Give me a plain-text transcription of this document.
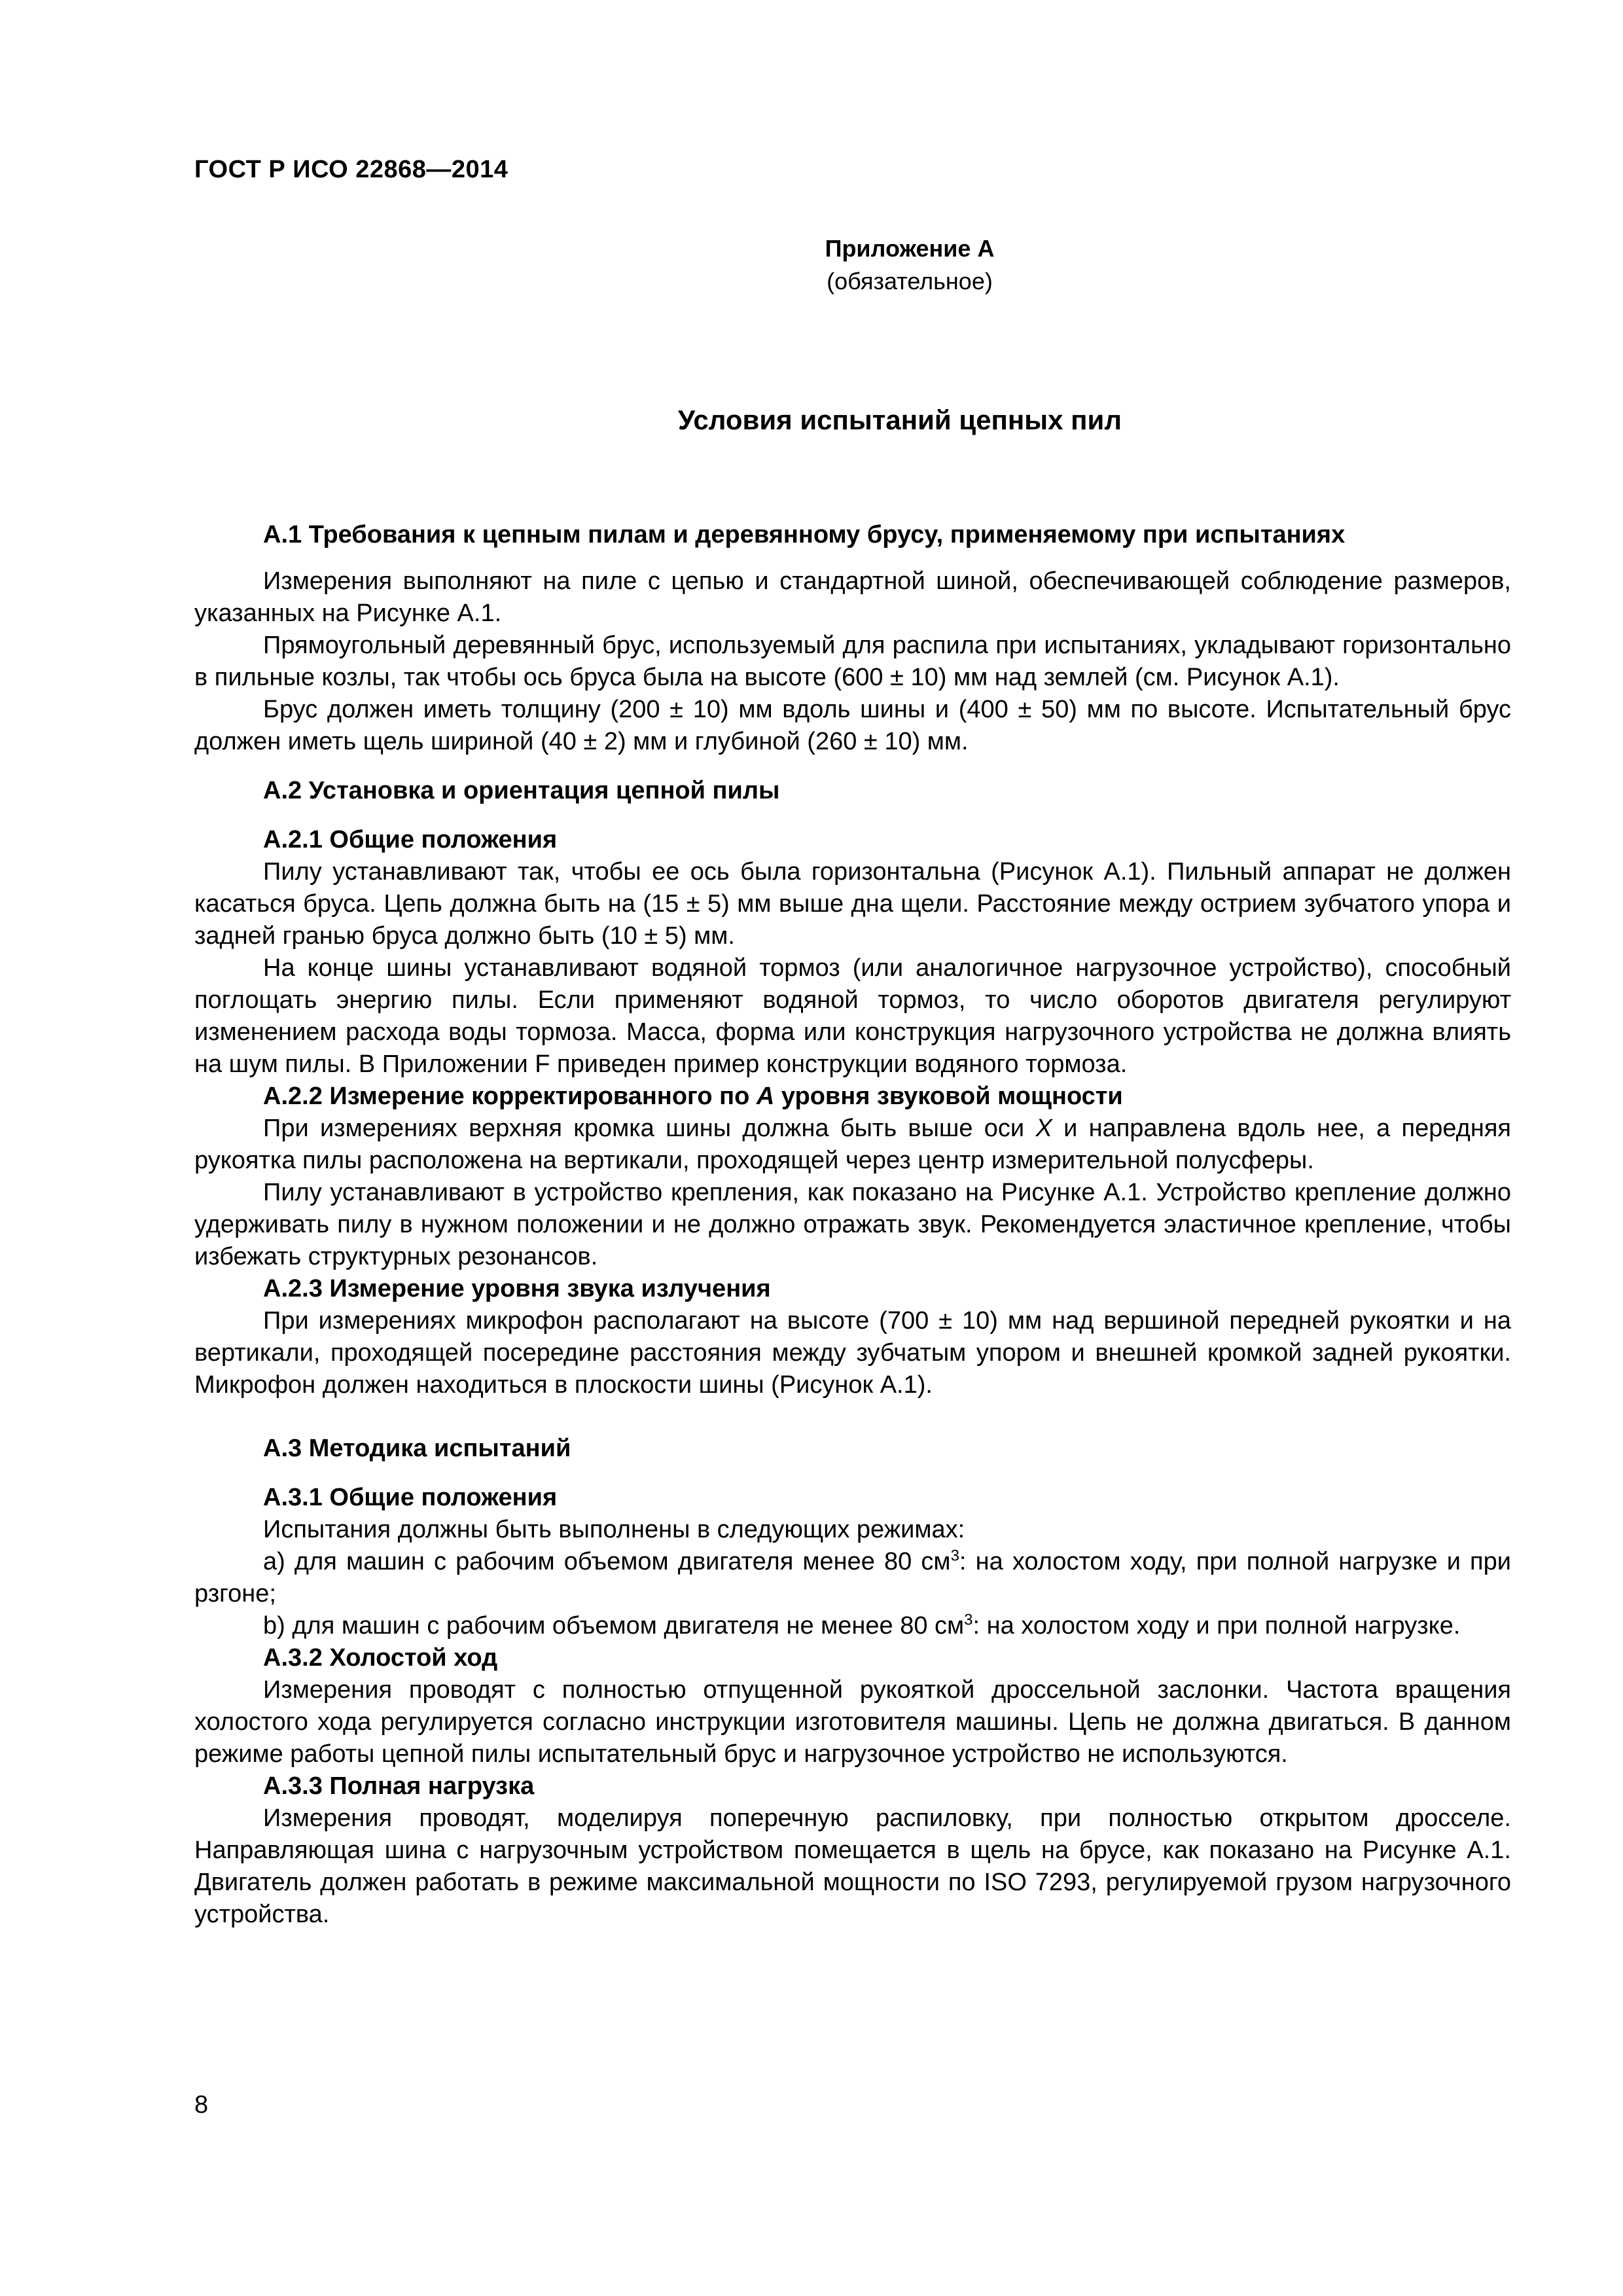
ГОСТ Р ИСО 22868—2014
Приложение А
(обязательное)
Условия испытаний цепных пил
А.1 Требования к цепным пилам и деревянному брусу, применяемому при испытаниях

Измерения выполняют на пиле с цепью и стандартной шиной, обеспечивающей соблюдение размеров, указанных на Рисунке А.1.

Прямоугольный деревянный брус, используемый для распила при испытаниях, укладывают горизонтально в пильные козлы, так чтобы ось бруса была на высоте (600 ± 10) мм над землей (см. Рисунок А.1).

Брус должен иметь толщину (200 ± 10) мм вдоль шины и (400 ± 50) мм по высоте. Испытательный брус должен иметь щель шириной (40 ± 2) мм и глубиной (260 ± 10) мм.

А.2 Установка и ориентация цепной пилы
А.2.1 Общие положения

Пилу устанавливают так, чтобы ее ось была горизонтальна (Рисунок А.1). Пильный аппарат не должен касаться бруса. Цепь должна быть на (15 ± 5) мм выше дна щели. Расстояние между острием зубчатого упора и задней гранью бруса должно быть (10 ± 5) мм.

На конце шины устанавливают водяной тормоз (или аналогичное нагрузочное устройство), способный поглощать энергию пилы. Если применяют водяной тормоз, то число оборотов двигателя регулируют изменением расхода воды тормоза. Масса, форма или конструкция нагрузочного устройства не должна влиять на шум пилы. В Приложении F приведен пример конструкции водяного тормоза.

А.2.2 Измерение корректированного по A уровня звуковой мощности

При измерениях верхняя кромка шины должна быть выше оси X и направлена вдоль нее, а передняя рукоятка пилы расположена на вертикали, проходящей через центр измерительной полусферы.

Пилу устанавливают в устройство крепления, как показано на Рисунке А.1. Устройство крепление должно удерживать пилу в нужном положении и не должно отражать звук. Рекомендуется эластичное крепление, чтобы избежать структурных резонансов.

А.2.3 Измерение уровня звука излучения

При измерениях микрофон располагают на высоте (700 ± 10) мм над вершиной передней рукоятки и на вертикали, проходящей посередине расстояния между зубчатым упором и внешней кромкой задней рукоятки. Микрофон должен находиться в плоскости шины (Рисунок А.1).

А.3 Методика испытаний
А.3.1 Общие положения

Испытания должны быть выполнены в следующих режимах:

a) для машин с рабочим объемом двигателя менее 80 $см^3$: на холостом ходу, при полной нагрузке и при рзгоне;

b) для машин с рабочим объемом двигателя не менее 80 $см^3$: на холостом ходу и при полной нагрузке.

А.3.2 Холостой ход

Измерения проводят с полностью отпущенной рукояткой дроссельной заслонки. Частота вращения холостого хода регулируется согласно инструкции изготовителя машины. Цепь не должна двигаться. В данном режиме работы цепной пилы испытательный брус и нагрузочное устройство не используются.

А.3.3 Полная нагрузка

Измерения проводят, моделируя поперечную распиловку, при полностью открытом дросселе. Направляющая шина с нагрузочным устройством помещается в щель на брусе, как показано на Рисунке А.1. Двигатель должен работать в режиме максимальной мощности по ISO 7293, регулируемой грузом нагрузочного устройства.

8
